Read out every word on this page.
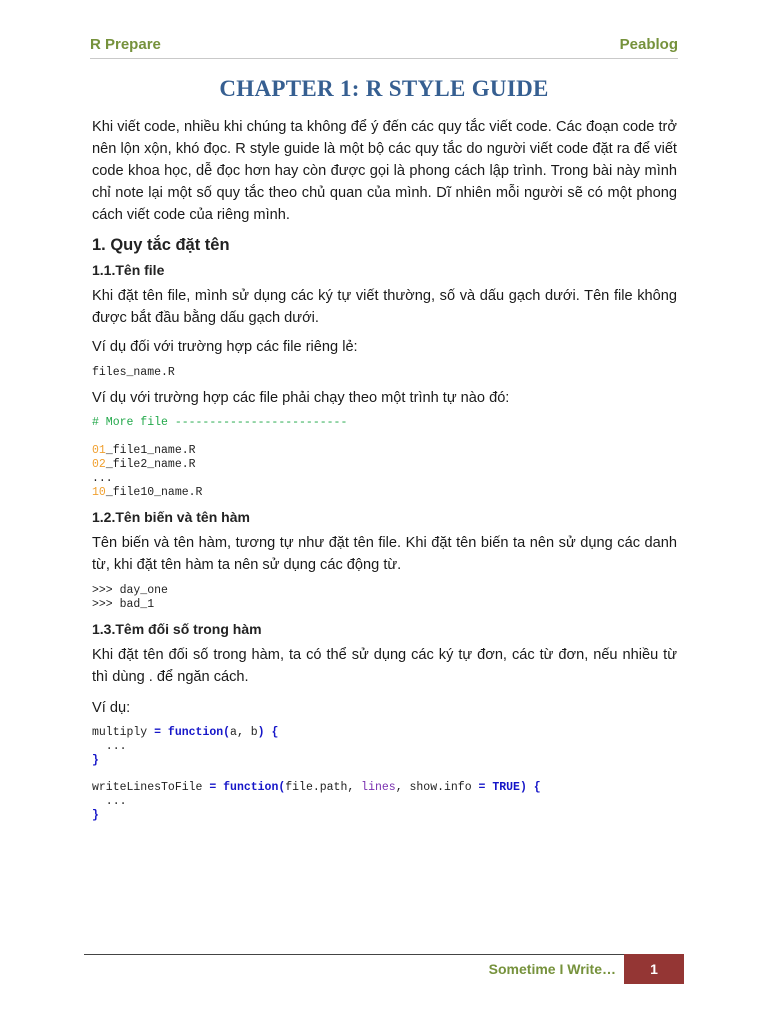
R Prepare	Peablog
CHAPTER 1: R STYLE GUIDE
Khi viết code, nhiều khi chúng ta không để ý đến các quy tắc viết code. Các đoạn code trở nên lộn xộn, khó đọc. R style guide là một bộ các quy tắc do người viết code đặt ra để viết code khoa học, dễ đọc hơn hay còn được gọi là phong cách lập trình. Trong bài này mình chỉ note lại một số quy tắc theo chủ quan của mình. Dĩ nhiên mỗi người sẽ có một phong cách viết code của riêng mình.
1. Quy tắc đặt tên
1.1.Tên file
Khi đặt tên file, mình sử dụng các ký tự viết thường, số và dấu gạch dưới. Tên file không được bắt đầu bằng dấu gạch dưới.
Ví dụ đối với trường hợp các file riêng lẻ:
files_name.R
Ví dụ với trường hợp các file phải chạy theo một trình tự nào đó:
# More file -------------------------

01_file1_name.R
02_file2_name.R
...
10_file10_name.R
1.2.Tên biến và tên hàm
Tên biến và tên hàm, tương tự như đặt tên file. Khi đặt tên biến ta nên sử dụng các danh từ, khi đặt tên hàm ta nên sử dụng các động từ.
>>> day_one
>>> bad_1
1.3.Têm đối số trong hàm
Khi đặt tên đối số trong hàm, ta có thể sử dụng các ký tự đơn, các từ đơn, nếu nhiều từ thì dùng . để ngăn cách.
Ví dụ:
multiply = function(a, b) {
...
}
writeLinesToFile = function(file.path, lines, show.info = TRUE) {
...
}
Sometime I Write…	1
